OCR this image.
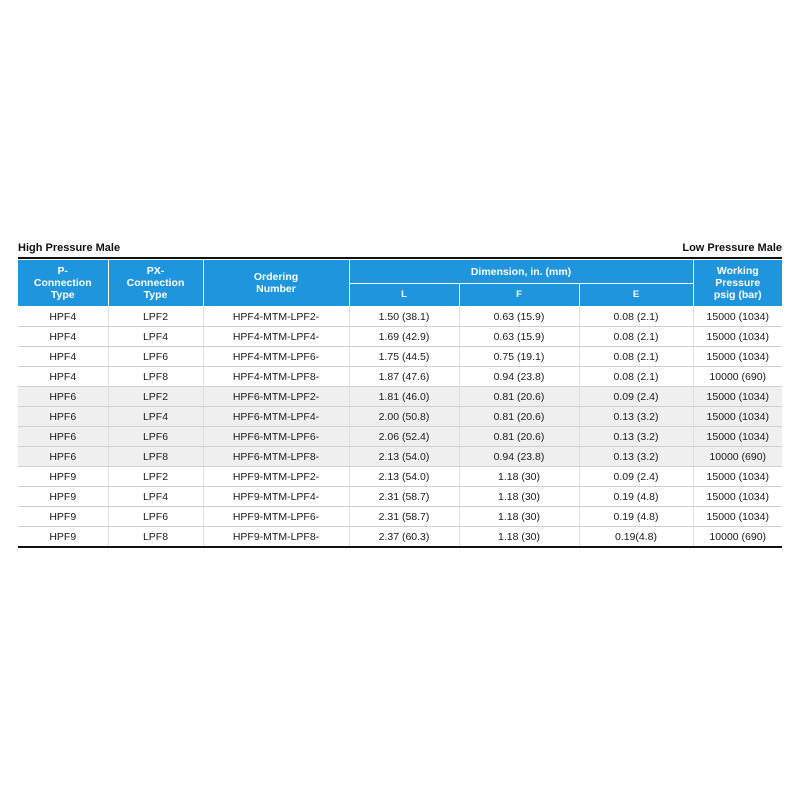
High Pressure Male	Low Pressure Male
P-
Connection
Type	PX-
Connection
Type	Ordering
Number	Dimension, in. (mm)			Working
Pressure
psig (bar)
			L	F	E	
HPF4	LPF2	HPF4-MTM-LPF2-	1.50 (38.1)	0.63 (15.9)	0.08 (2.1)	15000 (1034)
HPF4	LPF4	HPF4-MTM-LPF4-	1.69 (42.9)	0.63 (15.9)	0.08 (2.1)	15000 (1034)
HPF4	LPF6	HPF4-MTM-LPF6-	1.75 (44.5)	0.75 (19.1)	0.08 (2.1)	15000 (1034)
HPF4	LPF8	HPF4-MTM-LPF8-	1.87 (47.6)	0.94 (23.8)	0.08 (2.1)	10000 (690)
HPF6	LPF2	HPF6-MTM-LPF2-	1.81 (46.0)	0.81 (20.6)	0.09 (2.4)	15000 (1034)
HPF6	LPF4	HPF6-MTM-LPF4-	2.00 (50.8)	0.81 (20.6)	0.13 (3.2)	15000 (1034)
HPF6	LPF6	HPF6-MTM-LPF6-	2.06 (52.4)	0.81 (20.6)	0.13 (3.2)	15000 (1034)
HPF6	LPF8	HPF6-MTM-LPF8-	2.13 (54.0)	0.94 (23.8)	0.13 (3.2)	10000 (690)
HPF9	LPF2	HPF9-MTM-LPF2-	2.13 (54.0)	1.18 (30)	0.09 (2.4)	15000 (1034)
HPF9	LPF4	HPF9-MTM-LPF4-	2.31 (58.7)	1.18 (30)	0.19 (4.8)	15000 (1034)
HPF9	LPF6	HPF9-MTM-LPF6-	2.31 (58.7)	1.18 (30)	0.19 (4.8)	15000 (1034)
HPF9	LPF8	HPF9-MTM-LPF8-	2.37 (60.3)	1.18 (30)	0.19(4.8)	10000 (690)
